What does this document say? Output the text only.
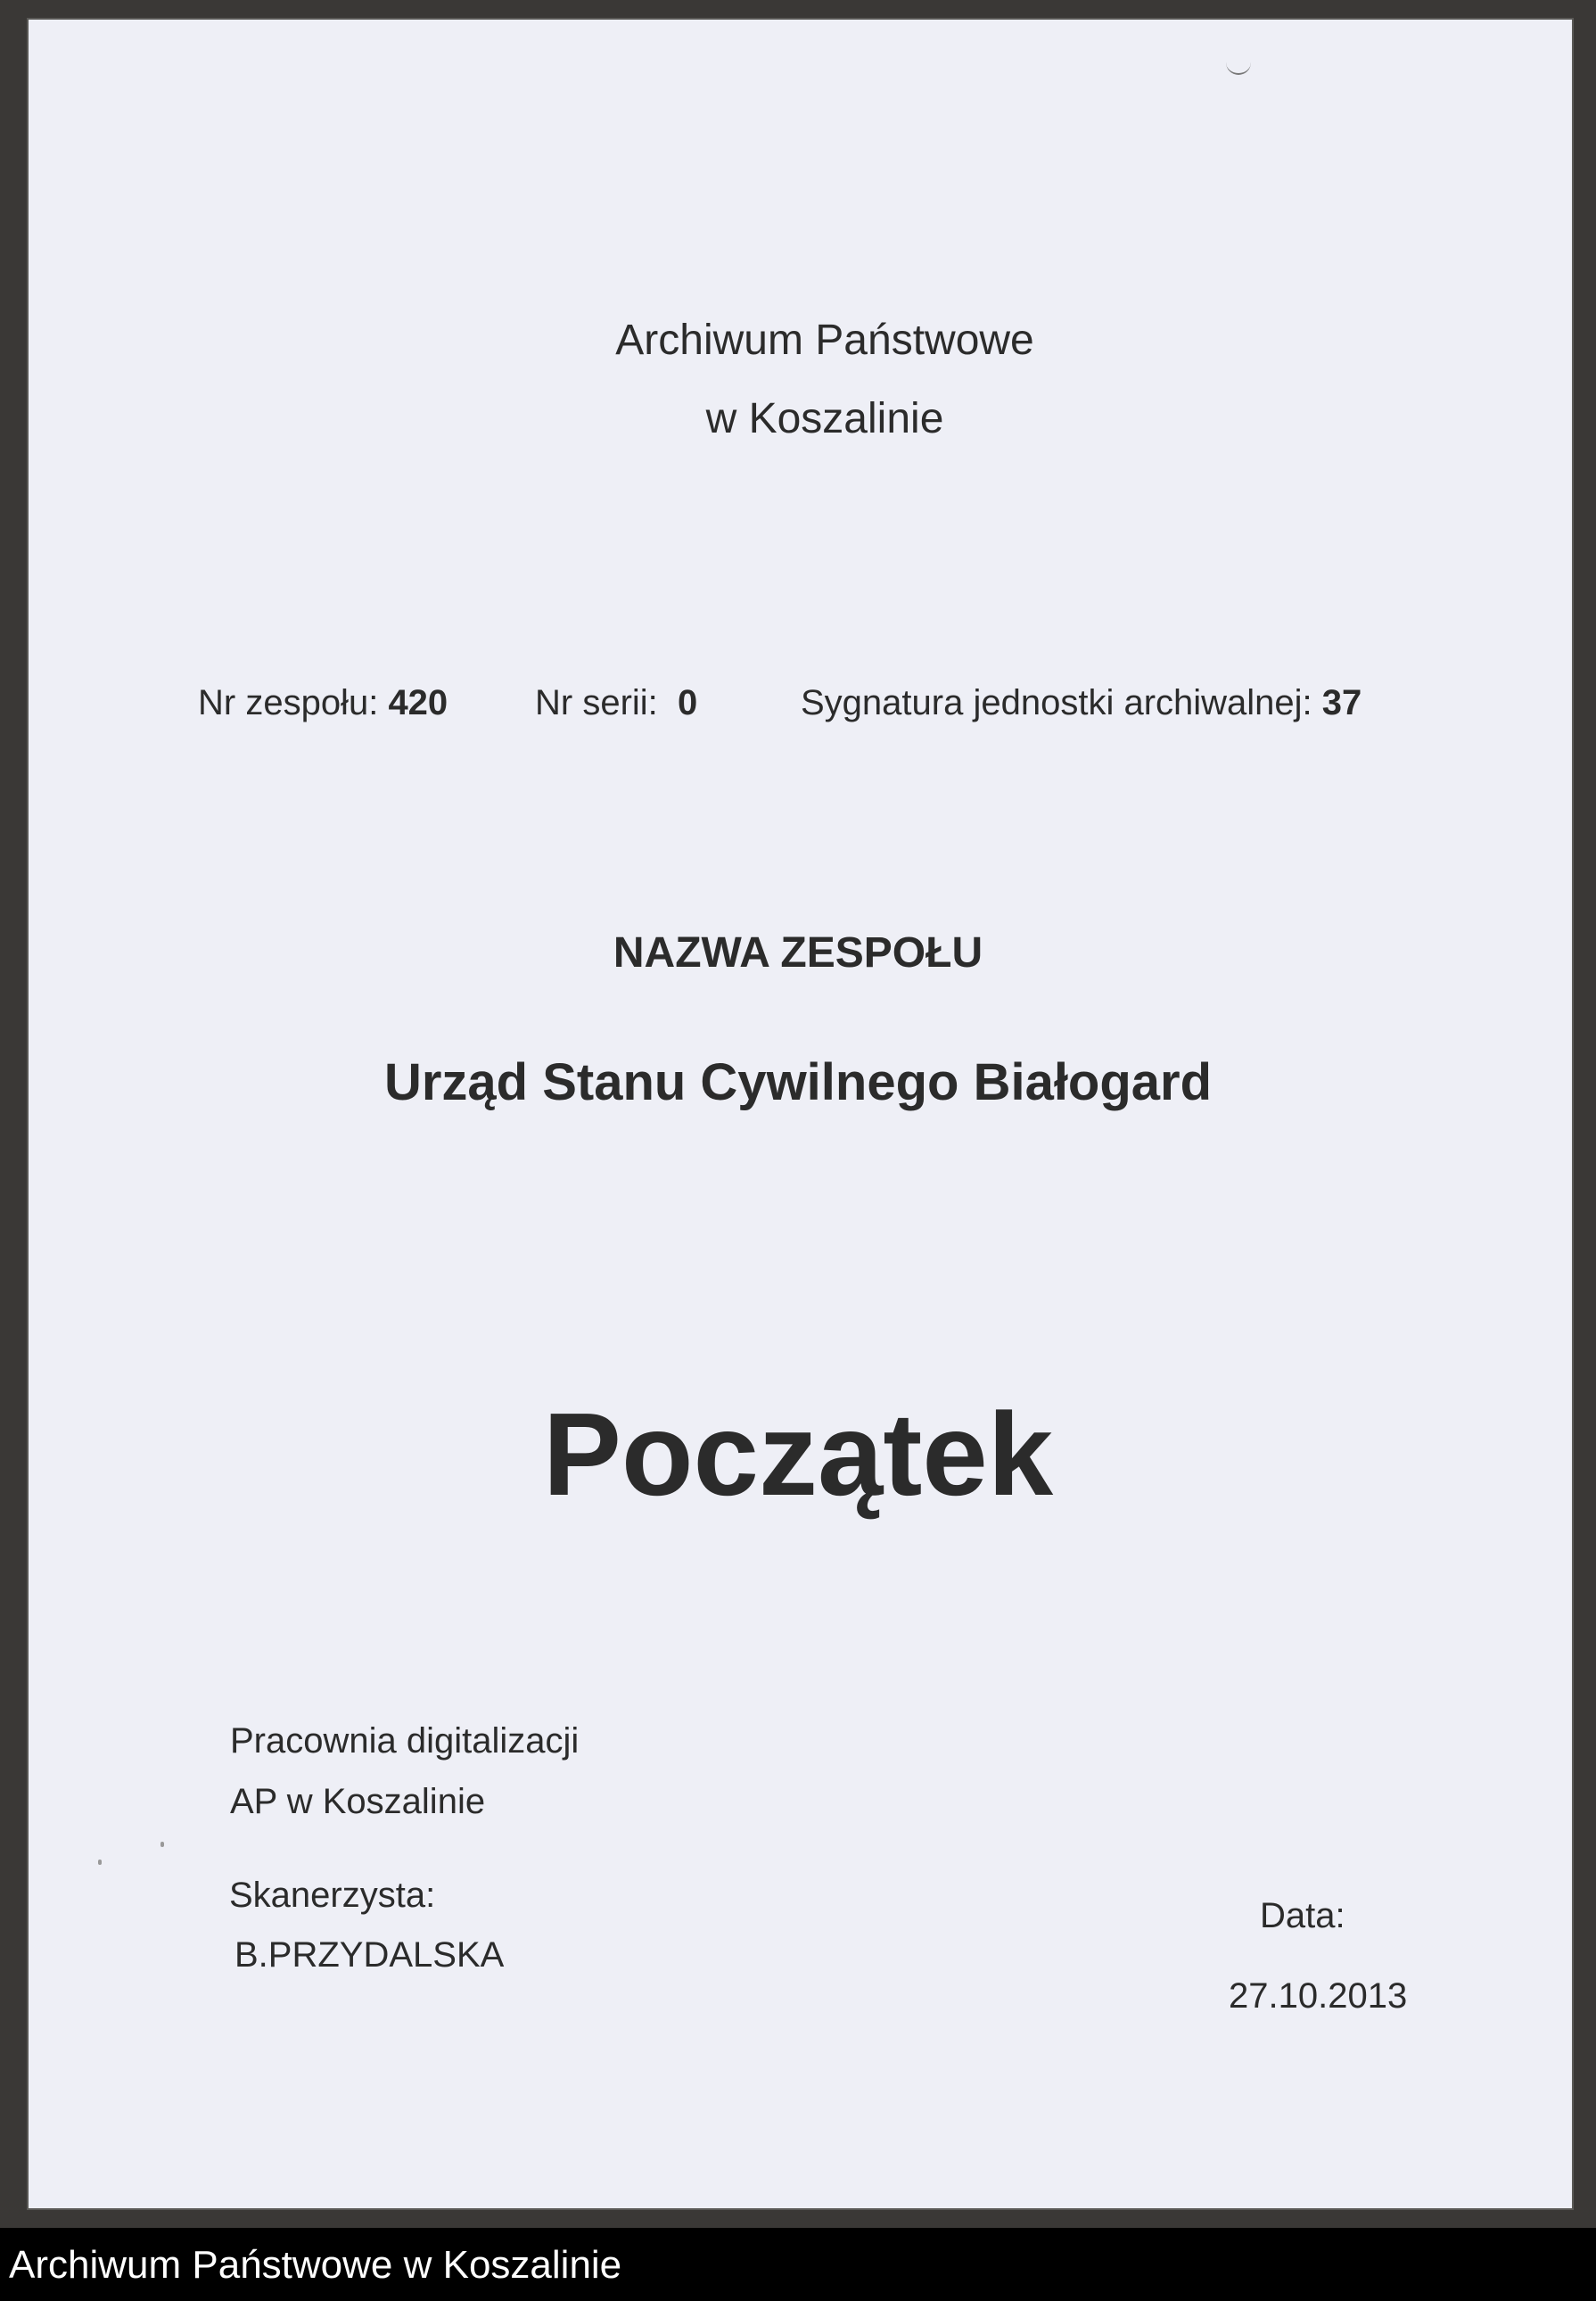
Archiwum Państwowe
w Koszalinie
Nr zespołu: 420 Nr serii: 0	Sygnatura jednostki archiwalnej: 37
NAZWA ZESPOŁU
Urząd Stanu Cywilnego Białogard
Początek
Pracownia digitalizacji
AP w Koszalinie
Skanerzysta:
B.PRZYDALSKA
Data:
27.10.2013
Archiwum Państwowe w Koszalinie
